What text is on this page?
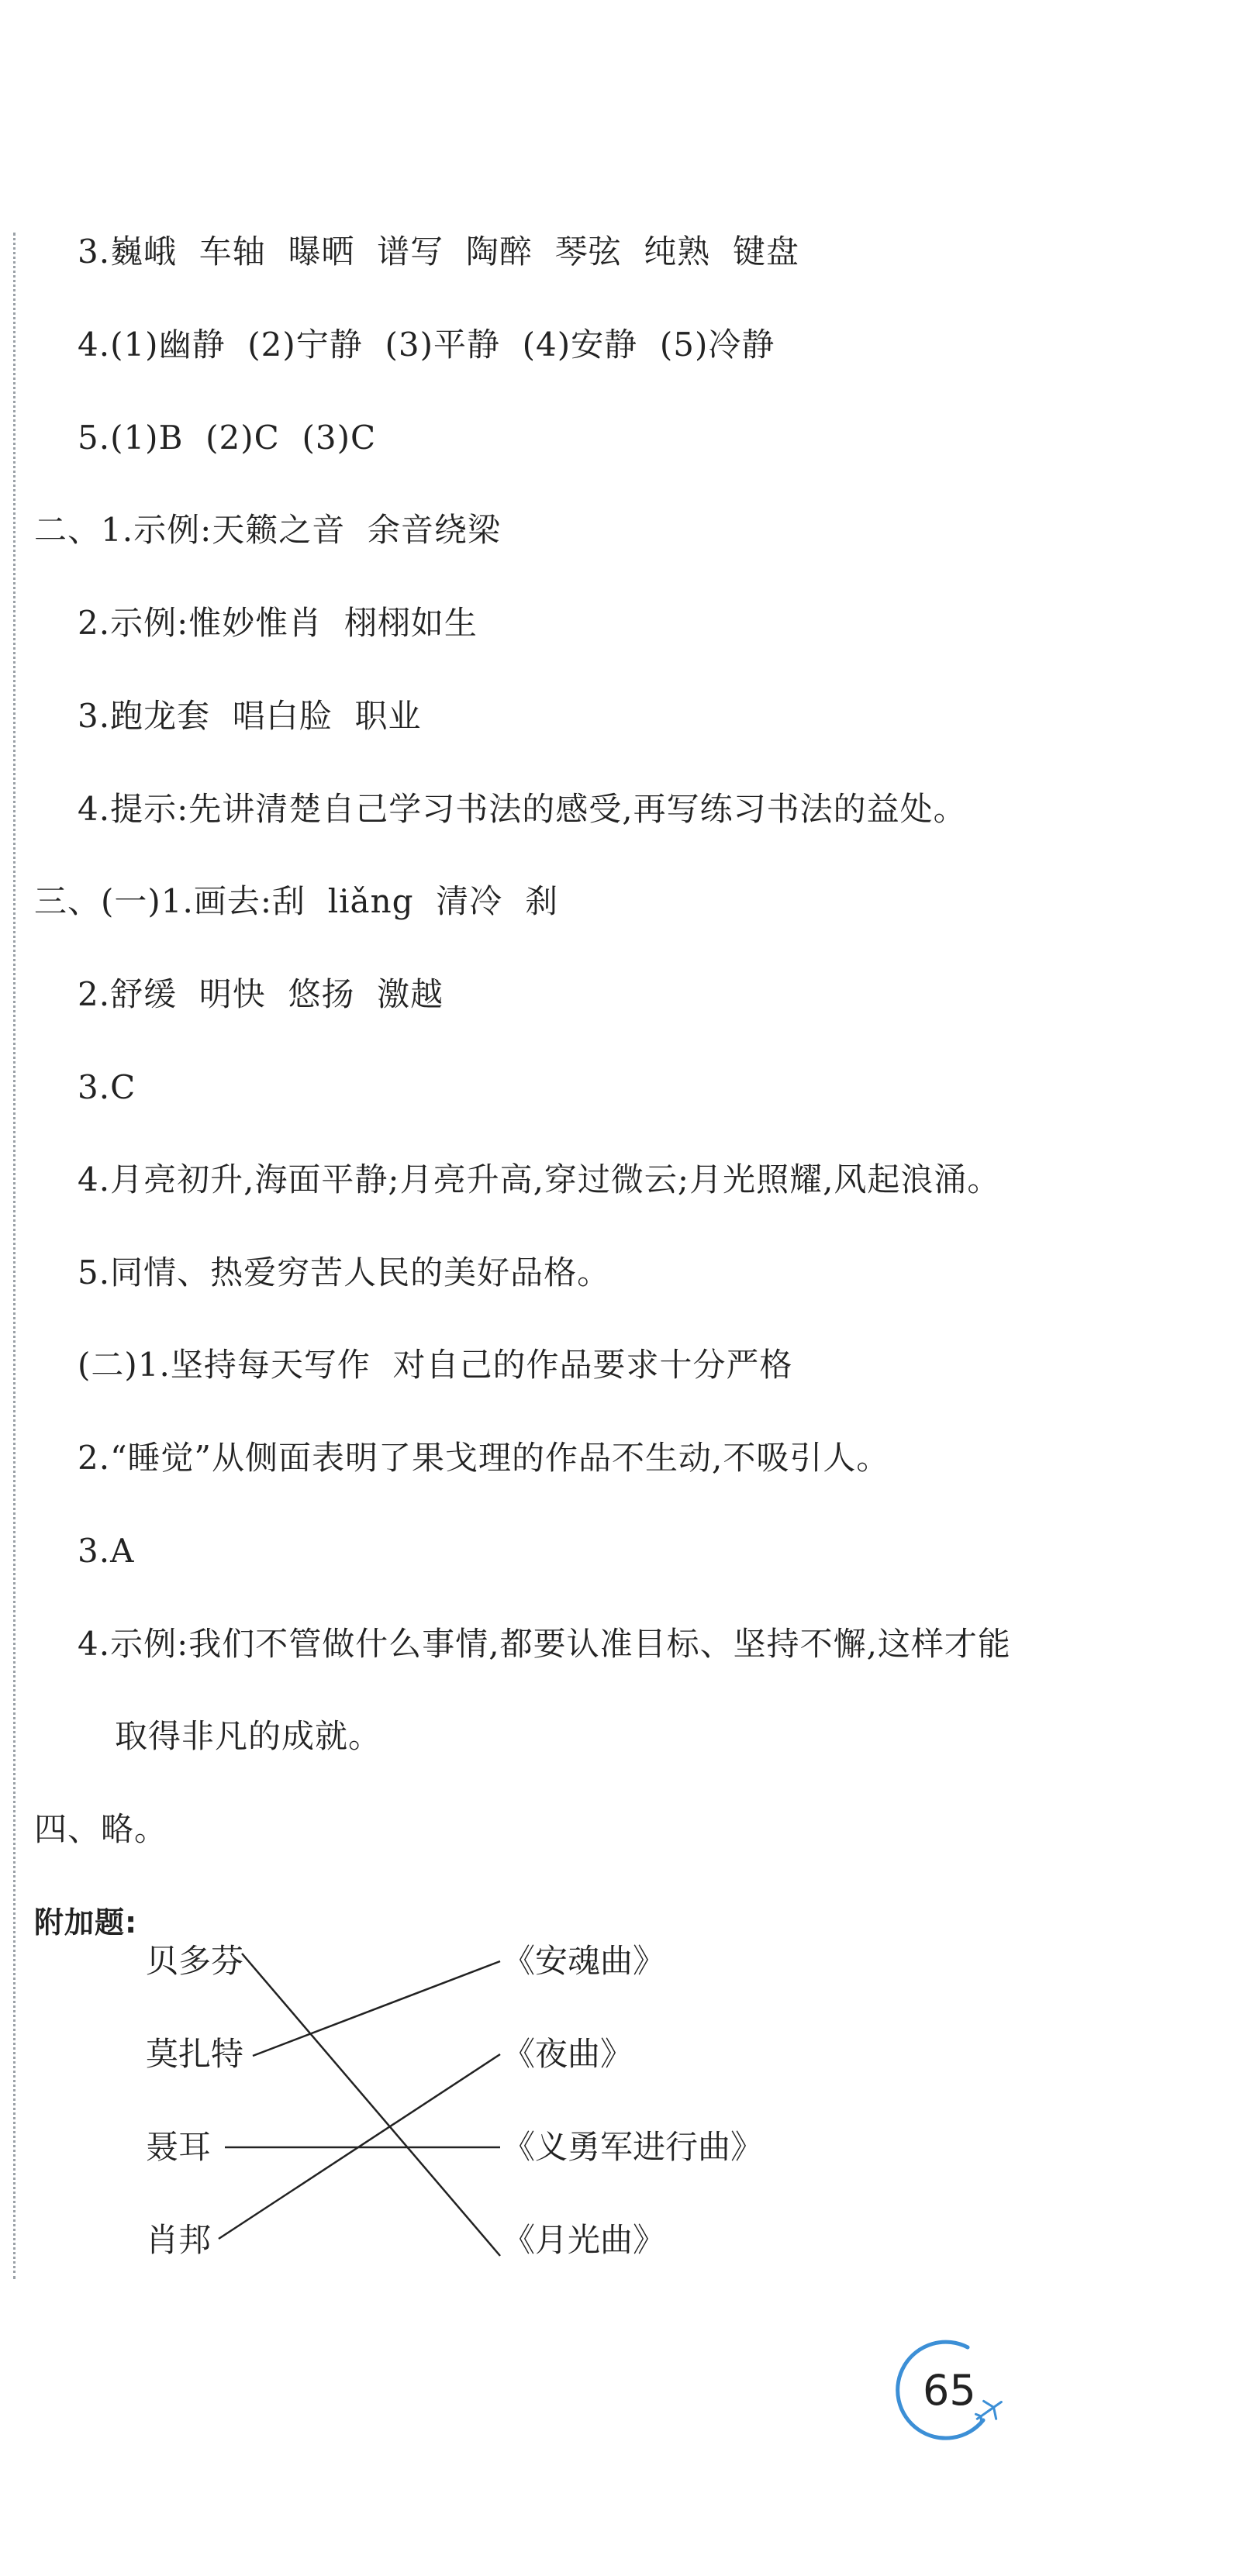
3.巍峨  车轴  曝晒  谱写  陶醉  琴弦  纯熟  键盘
4.(1)幽静  (2)宁静  (3)平静  (4)安静  (5)冷静
5.(1)B  (2)C  (3)C
二、1.示例:天籁之音  余音绕梁
2.示例:惟妙惟肖  栩栩如生
3.跑龙套  唱白脸  职业
4.提示:先讲清楚自己学习书法的感受,再写练习书法的益处。
三、(一)1.画去:刮  liǎng  清冷  刹
2.舒缓  明快  悠扬  激越
3.C
4.月亮初升,海面平静;月亮升高,穿过微云;月光照耀,风起浪涌。
5.同情、热爱穷苦人民的美好品格。
(二)1.坚持每天写作  对自己的作品要求十分严格
2.“睡觉”从侧面表明了果戈理的作品不生动,不吸引人。
3.A
4.示例:我们不管做什么事情,都要认准目标、坚持不懈,这样才能
取得非凡的成就。
四、略。
附加题:
贝多芬
莫扎特
聂耳
肖邦
《安魂曲》
《夜曲》
《义勇军进行曲》
《月光曲》
65
